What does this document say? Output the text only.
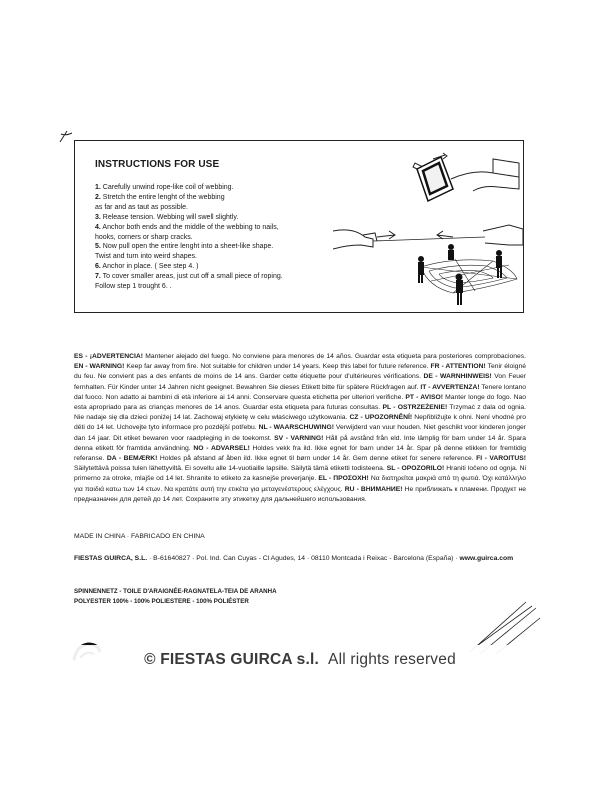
INSTRUCTIONS FOR USE
1. Carefully unwind rope-like coil of webbing.
2. Stretch the entire lenght of the webbing
as far and as taut as possible.
3. Release tension. Webbing will swell slightly.
4. Anchor both ends and the middle of the webbing to nails,
hooks, corners or sharp cracks.
5. Now pull open the entire lenght into a sheet-like shape.
Twist and turn into weird shapes.
6. Anchor in place. ( See step 4. )
7. To cover smaller areas, just cut off a small piece of roping.
Follow step 1 trought 6. .
ES - ¡ADVERTENCIA! Mantener alejado del fuego. No conviene para menores de 14 años. Guardar esta etiqueta para posteriores comprobaciones. EN - WARNING! Keep far away from fire. Not suitable for children under 14 years. Keep this label for future reference. FR - ATTENTION! Tenir éloigné du feu. Ne convient pas a des enfants de moins de 14 ans. Garder cette étiquette pour d'ultérieures vérifications. DE - WARNHINWEIS! Von Feuer fernhalten. Für Kinder unter 14 Jahren nicht geeignet. Bewahren Sie dieses Etikett bitte für spätere Rückfragen auf. IT - AVVERTENZA! Tenere lontano dal fuoco. Non adatto ai bambini di età inferiore ai 14 anni. Conservare questa etichetta per ulteriori verifiche. PT - AVISO! Manter longe do fogo. Nao esta apropriado para as crianças menores de 14 anos. Guardar esta etiqueta para futuras consultas. PL - OSTRZEŻENIE! Trzymać z dala od ognia. Nie nadaje się dla dzieci poniżej 14 lat. Zachowaj etykietę w celu właściwego użytkowania. CZ - UPOZORNĚNÍ! Nepřibližujte k ohni. Není vhodné pro děti do 14 let. Uchovejte tyto informace pro pozdější potřebu. NL - WAARSCHUWING! Verwijderd van vuur houden. Niet geschikt voor kinderen jonger dan 14 jaar. Dit etiket bewaren voor raadpleging in de toekomst. SV - VARNING! Håll på avstånd från eld. Inte lämplig för barn under 14 år. Spara denna etikett för framtida användning. NO - ADVARSEL! Holdes vekk fra ild. Ikke egnet for barn under 14 år. Spar på denne etikken for fremtidig referanse. DA - BEMÆRK! Holdes på afstand af åben ild. Ikke egnet til børn under 14 år. Gem denne etiket for senere reference. FI - VAROITUS! Säilytettävä poissa tulen lähettyviltä. Ei sovellu alle 14-vuotiaille lapsille. Säilytä tämä etiketti todisteena. SL - OPOZORILO! Hraniti ločeno od ognja. Ni primerno za otroke, mlajše od 14 let. Shranite to etiketo za kasnejše preverjanje. EL - ΠΡΟΣΟΧΗ! Να διατηρείται μακριά από τη φωτιά. Όχι κατάλληλο για παιδιά κατω των 14 ετων. Να κρατάτε αυτή την ετικέτα για μεταγενέστερους ελέγχους. RU - ВНИМАНИЕ! Не приближать к пламени. Продукт не предназначен для детей до 14 лет. Сохраните эту этикетку для дальнейшего использования.
MADE IN CHINA · FABRICADO EN CHINA
FIESTAS GUIRCA, S.L. · B-61640827 · Pol. Ind. Can Cuyas - Cl Agudes, 14 · 08110 Montcada i Reixac - Barcelona (España) · www.guirca.com
SPINNENNETZ - TOILE D'ARAIGNÉE-RAGNATELA-TEIA DE ARANHA
POLYESTER 100% - 100% POLIESTERE - 100% POLIÉSTER
© FIESTAS GUIRCA s.l. All rights reserved
